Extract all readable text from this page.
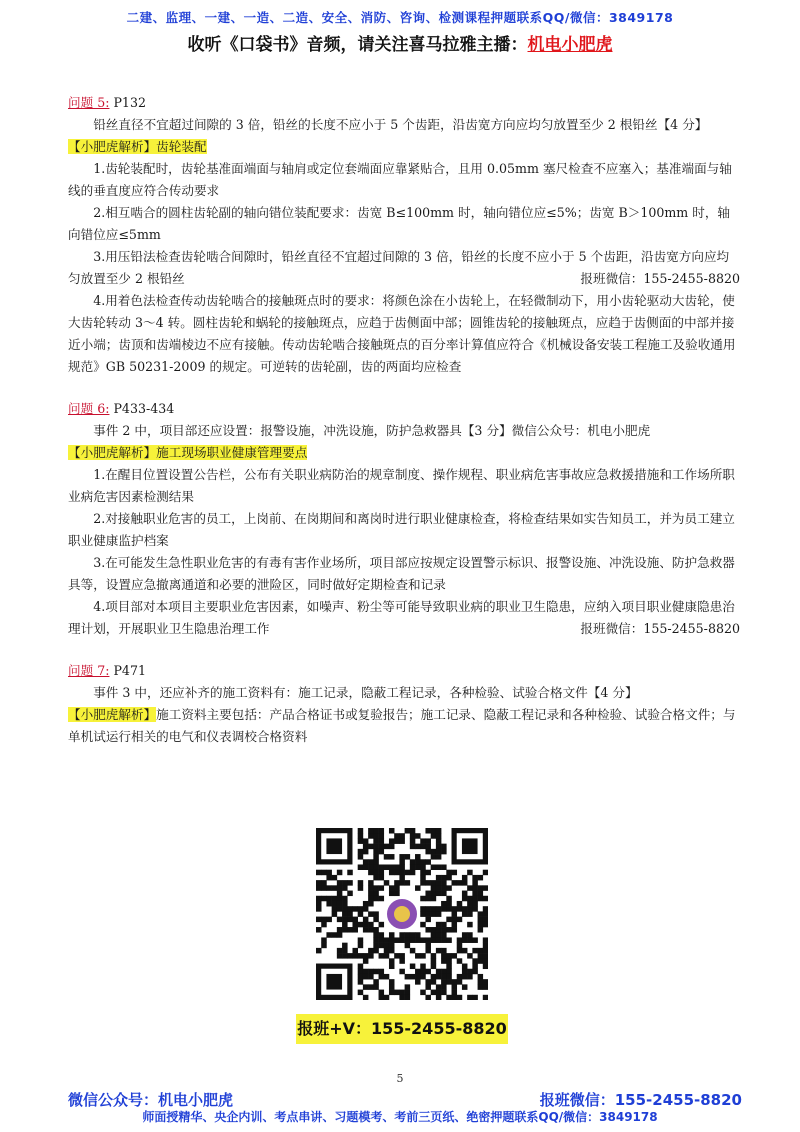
二建、监理、一建、一造、二造、安全、消防、咨询、检测课程押题联系QQ/微信：3849178
收听《口袋书》音频，请关注喜马拉雅主播：机电小肥虎
问题 5: P132
铅丝直径不宜超过间隙的 3 倍，铅丝的长度不应小于 5 个齿距，沿齿宽方向应均匀放置至少 2 根铅丝【4 分】
【小肥虎解析】齿轮装配
1.齿轮装配时，齿轮基准面端面与轴肩或定位套端面应靠紧贴合，且用 0.05mm 塞尺检查不应塞入；基准端面与轴线的垂直度应符合传动要求
2.相互啮合的圆柱齿轮副的轴向错位装配要求：齿宽 B≤100mm 时，轴向错位应≤5%；齿宽 B＞100mm 时，轴向错位应≤5mm
3.用压铅法检查齿轮啮合间隙时，铅丝直径不宜超过间隙的 3 倍，铅丝的长度不应小于 5 个齿距，沿齿宽方向应均匀放置至少 2 根铅丝	报班微信：155-2455-8820
4.用着色法检查传动齿轮啮合的接触斑点时的要求：将颜色涂在小齿轮上，在轻微制动下，用小齿轮驱动大齿轮，使大齿轮转动 3～4 转。圆柱齿轮和蜗轮的接触斑点，应趋于齿侧面中部；圆锥齿轮的接触斑点，应趋于齿侧面的中部并接近小端；齿顶和齿端棱边不应有接触。传动齿轮啮合接触斑点的百分率计算值应符合《机械设备安装工程施工及验收通用规范》GB 50231-2009 的规定。可逆转的齿轮副，齿的两面均应检查
问题 6: P433-434
事件 2 中，项目部还应设置：报警设施，冲洗设施，防护急救器具【3 分】微信公众号：机电小肥虎
【小肥虎解析】施工现场职业健康管理要点
1.在醒目位置设置公告栏，公布有关职业病防治的规章制度、操作规程、职业病危害事故应急救援措施和工作场所职业病危害因素检测结果
2.对接触职业危害的员工，上岗前、在岗期间和离岗时进行职业健康检查，将检查结果如实告知员工，并为员工建立职业健康监护档案
3.在可能发生急性职业危害的有毒有害作业场所，项目部应按规定设置警示标识、报警设施、冲洗设施、防护急救器具等，设置应急撤离通道和必要的泄险区，同时做好定期检查和记录
4.项目部对本项目主要职业危害因素，如噪声、粉尘等可能导致职业病的职业卫生隐患，应纳入项目职业健康隐患治理计划，开展职业卫生隐患治理工作	报班微信：155-2455-8820
问题 7: P471
事件 3 中，还应补齐的施工资料有：施工记录，隐蔽工程记录，各种检验、试验合格文件【4 分】
【小肥虎解析】施工资料主要包括：产品合格证书或复验报告；施工记录、隐蔽工程记录和各种检验、试验合格文件；与单机试运行相关的电气和仪表调校合格资料
报班+V：155-2455-8820
5
微信公众号：机电小肥虎	报班微信：155-2455-8820
师面授精华、央企内训、考点串讲、习题模考、考前三页纸、绝密押题联系QQ/微信：3849178
